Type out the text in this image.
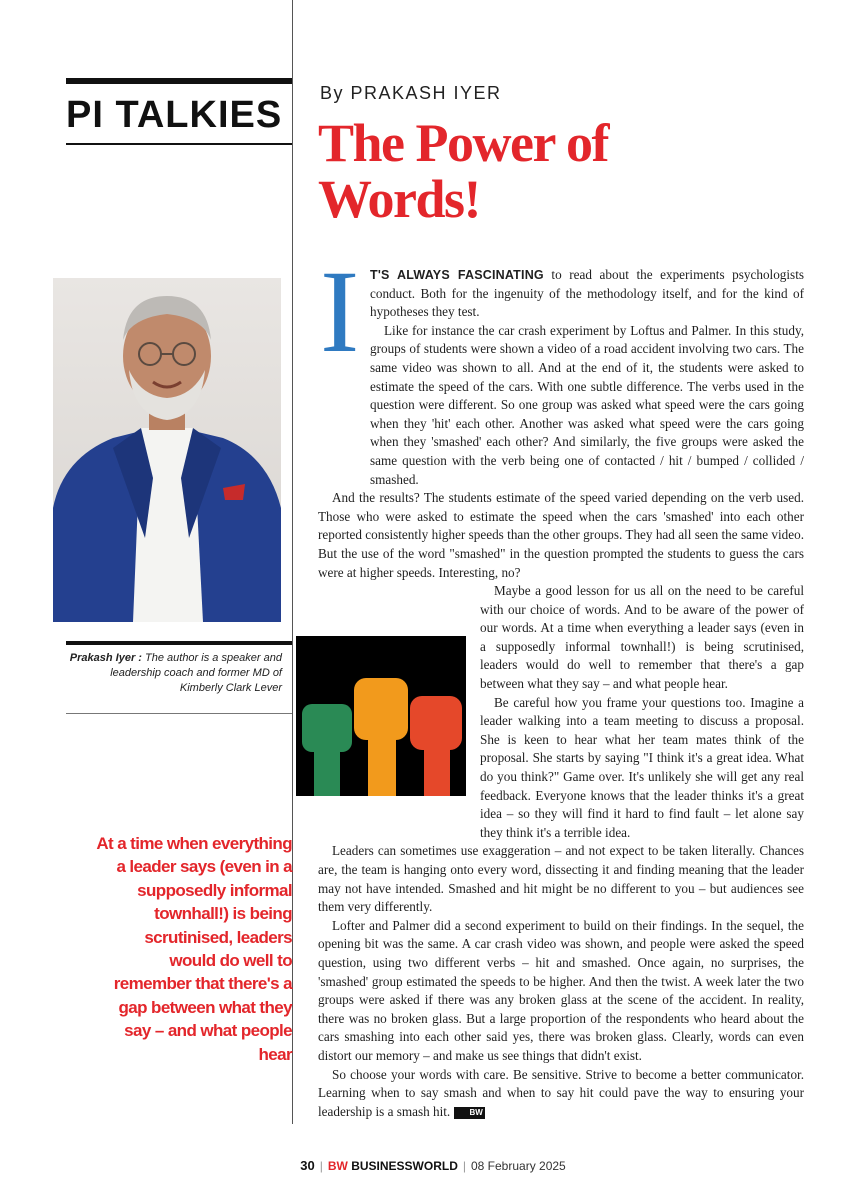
PI TALKIES
By PRAKASH IYER
The Power of Words!
Prakash Iyer : The author is a speaker and leadership coach and former MD of Kimberly Clark Lever
At a time when everything a leader says (even in a supposedly informal townhall!) is being scrutinised, leaders would do well to remember that there's a gap between what they say – and what people hear
I T'S ALWAYS FASCINATING to read about the experiments psychologists conduct. Both for the ingenuity of the methodology itself, and for the kind of hypotheses they test.

Like for instance the car crash experiment by Loftus and Palmer. In this study, groups of students were shown a video of a road accident involving two cars. The same video was shown to all. And at the end of it, the students were asked to estimate the speed of the cars. With one subtle difference. The verbs used in the question were different. So one group was asked what speed were the cars going when they 'hit' each other. Another was asked what speed were the cars going when they 'smashed' each other? And similarly, the five groups were asked the same question with the verb being one of contacted / hit / bumped / collided / smashed.

And the results? The students estimate of the speed varied depending on the verb used. Those who were asked to estimate the speed when the cars 'smashed' into each other reported consistently higher speeds than the other groups. They had all seen the same video. But the use of the word "smashed" in the question prompted the students to guess the cars were at higher speeds. Interesting, no?

Maybe a good lesson for us all on the need to be careful with our choice of words. And to be aware of the power of our words. At a time when everything a leader says (even in a supposedly informal townhall!) is being scrutinised, leaders would do well to remember that there's a gap between what they say – and what people hear.

Be careful how you frame your questions too. Imagine a leader walking into a team meeting to discuss a proposal. She is keen to hear what her team mates think of the proposal. She starts by saying "I think it's a great idea. What do you think?" Game over. It's unlikely she will get any real feedback. Everyone knows that the leader thinks it's a great idea – so they will find it hard to find fault – let alone say they think it's a terrible idea.

Leaders can sometimes use exaggeration – and not expect to be taken literally. Chances are, the team is hanging onto every word, dissecting it and finding meaning that the leader may not have intended. Smashed and hit might be no different to you – but audiences see them very differently.

Lofter and Palmer did a second experiment to build on their findings. In the sequel, the opening bit was the same. A car crash video was shown, and people were asked the speed question, using two different verbs – hit and smashed. Once again, no surprises, the 'smashed' group estimated the speeds to be higher. And then the twist. A week later the two groups were asked if there was any broken glass at the scene of the accident. In reality, there was no broken glass. But a large proportion of the respondents who heard about the cars smashing into each other said yes, there was broken glass. Clearly, words can even distort our memory – and make us see things that didn't exist.

So choose your words with care. Be sensitive. Strive to become a better communicator. Learning when to say smash and when to say hit could pave the way to ensuring your leadership is a smash hit. BW

30 | BW BUSINESSWORLD | 08 February 2025
